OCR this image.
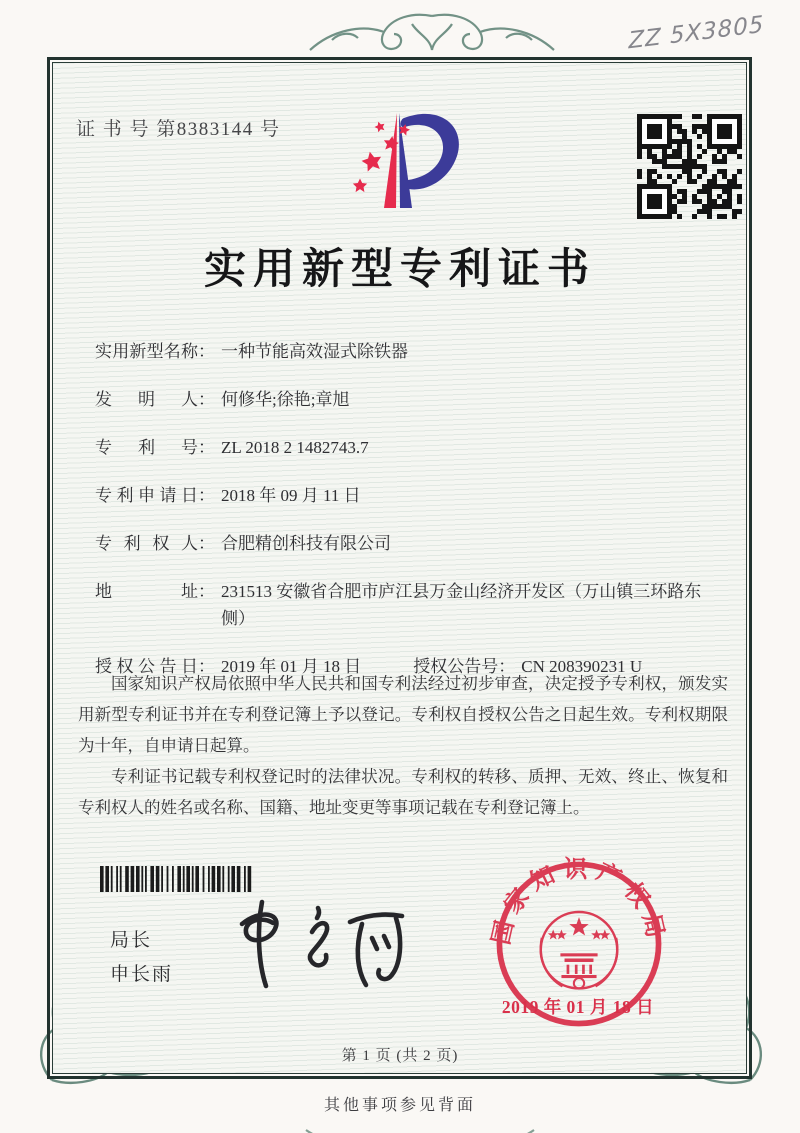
ZZ 5X3805
证 书 号 第8383144 号
实用新型专利证书
实用新型名称 ： 一种节能高效湿式除铁器
发明人 ： 何修华;徐艳;章旭
专利号 ： ZL 2018 2 1482743.7
专利申请日 ： 2018 年 09 月 11 日
专利权人 ： 合肥精创科技有限公司
地址 ： 231513 安徽省合肥市庐江县万金山经济开发区（万山镇三环路东侧）
授权公告日 ： 2019 年 01 月 18 日	授权公告号 ： CN 208390231 U

国家知识产权局依照中华人民共和国专利法经过初步审查，决定授予专利权，颁发实用新型专利证书并在专利登记簿上予以登记。专利权自授权公告之日起生效。专利权期限为十年，自申请日起算。

专利证书记载专利权登记时的法律状况。专利权的转移、质押、无效、终止、恢复和专利权人的姓名或名称、国籍、地址变更等事项记载在专利登记簿上。

局长
申长雨
国家知识产权局
2019 年 01 月 18 日
第 1 页 (共 2 页)
其他事项参见背面
